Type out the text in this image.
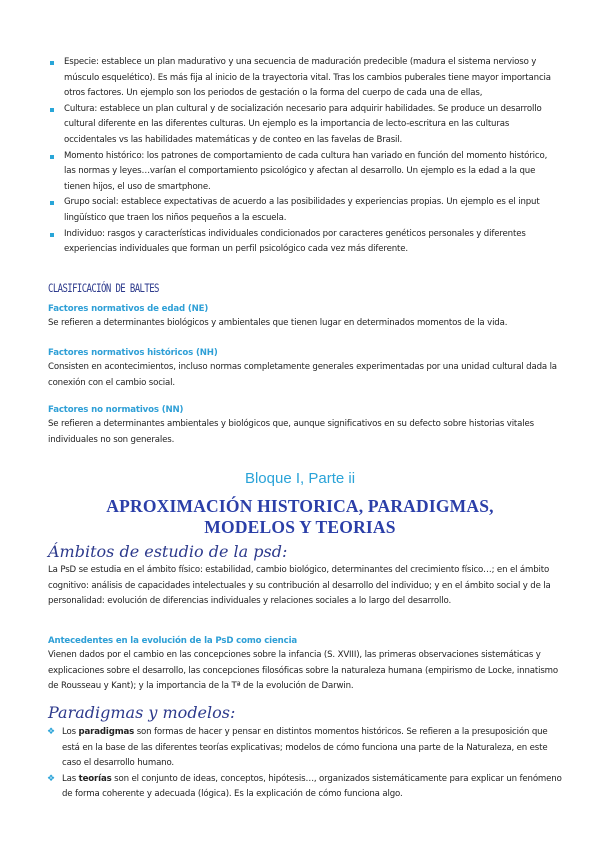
Especie: establece un plan madurativo y una secuencia de maduración predecible (madura el sistema nervioso y músculo esquelético). Es más fija al inicio de la trayectoria vital. Tras los cambios puberales tiene mayor importancia otros factores. Un ejemplo son los periodos de gestación o la forma del cuerpo de cada una de ellas,
Cultura: establece un plan cultural y de socialización necesario para adquirir habilidades. Se produce un desarrollo cultural diferente en las diferentes culturas. Un ejemplo es la importancia de lecto-escritura en las culturas occidentales vs las habilidades matemáticas y de conteo en las favelas de Brasil.
Momento histórico: los patrones de comportamiento de cada cultura han variado en función del momento histórico, las normas y leyes…varían el comportamiento psicológico y afectan al desarrollo. Un ejemplo es la edad a la que tienen hijos, el uso de smartphone.
Grupo social: establece expectativas de acuerdo a las posibilidades y experiencias propias. Un ejemplo es el input lingüístico que traen los niños pequeños a la escuela.
Individuo: rasgos y características individuales condicionados por caracteres genéticos personales y diferentes experiencias individuales que forman un perfil psicológico cada vez más diferente.
CLASIFICACIÓN DE BALTES
Factores normativos de edad (NE)
Se refieren a determinantes biológicos y ambientales que tienen lugar en determinados momentos de la vida.
Factores normativos históricos (NH)
Consisten en acontecimientos, incluso normas completamente generales experimentadas por una unidad cultural dada la conexión con el cambio social.
Factores no normativos (NN)
Se refieren a determinantes ambientales y biológicos que, aunque significativos en su defecto sobre historias vitales individuales no son generales.
Bloque I, Parte ii
APROXIMACIÓN HISTORICA, PARADIGMAS, MODELOS Y TEORIAS
Ámbitos de estudio de la psd:
La PsD se estudia en el ámbito físico: estabilidad, cambio biológico, determinantes del crecimiento físico…; en el ámbito cognitivo: análisis de capacidades intelectuales y su contribución al desarrollo del individuo; y en el ámbito social y de la personalidad: evolución de diferencias individuales y relaciones sociales a lo largo del desarrollo.
Antecedentes en la evolución de la PsD como ciencia
Vienen dados por el cambio en las concepciones sobre la infancia (S. XVIII), las primeras observaciones sistemáticas y explicaciones sobre el desarrollo, las concepciones filosóficas sobre la naturaleza humana (empirismo de Locke, innatismo de Rousseau y Kant); y la importancia de la Tª de la evolución de Darwin.
Paradigmas y modelos:
❖ Los paradigmas son formas de hacer y pensar en distintos momentos históricos. Se refieren a la presuposición que está en la base de las diferentes teorías explicativas; modelos de cómo funciona una parte de la Naturaleza, en este caso el desarrollo humano.
❖ Las teorías son el conjunto de ideas, conceptos, hipótesis…, organizados sistemáticamente para explicar un fenómeno de forma coherente y adecuada (lógica). Es la explicación de cómo funciona algo.
